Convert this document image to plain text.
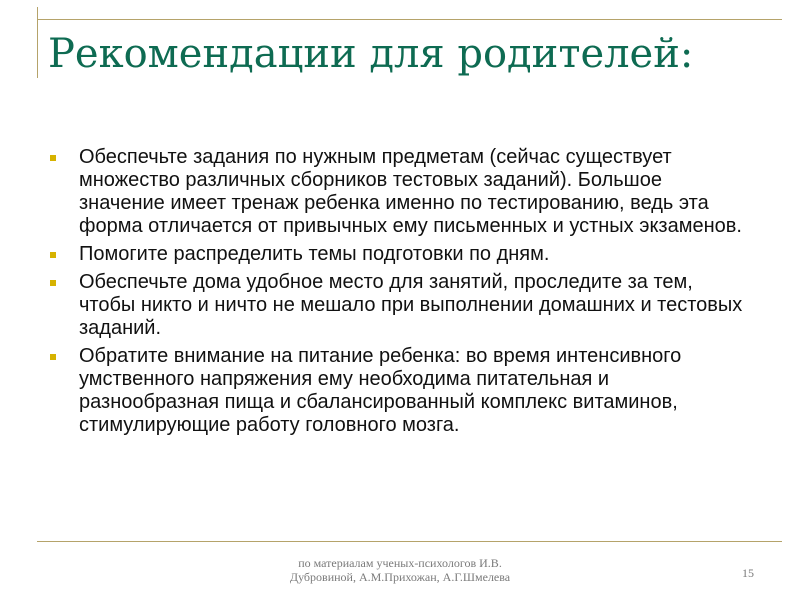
Рекомендации для родителей:
Обеспечьте задания по нужным предметам (сейчас существует множество различных сборников тестовых заданий). Большое значение имеет тренаж ребенка именно по тестированию, ведь эта форма отличается от привычных ему письменных и устных экзаменов.
Помогите распределить темы подготовки по дням.
Обеспечьте дома удобное место для занятий, проследите за тем, чтобы никто и ничто не мешало при выполнении домашних и тестовых заданий.
Обратите внимание на питание ребенка: во время интенсивного умственного напряжения ему необходима питательная и разнообразная пища и сбалансированный комплекс витаминов, стимулирующие работу головного мозга.
по материалам ученых-психологов И.В.
Дубровиной, А.М.Прихожан, А.Г.Шмелева	15
